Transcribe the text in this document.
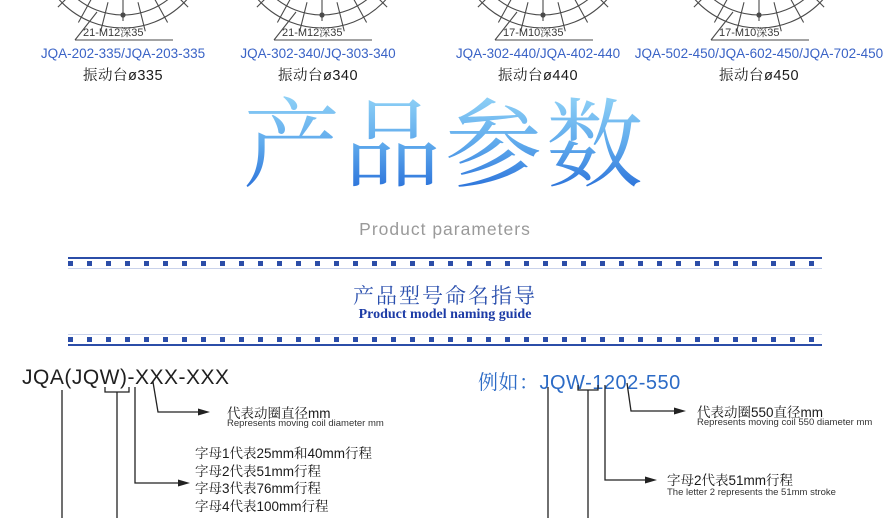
21-M12深35
JQA-202-335/JQA-203-335
振动台ø335
21-M12深35
JQA-302-340/JQ-303-340
振动台ø340
17-M10深35
JQA-302-440/JQA-402-440
振动台ø440
17-M10深35
JQA-502-450/JQA-602-450/JQA-702-450
振动台ø450
产品参数
Product parameters
产品型号命名指导
Product model naming guide
JQA(JQW)-XXX-XXX	例如：JQW-1202-550
代表动圈直径mm
Represents moving coil diameter mm
字母1代表25mm和40mm行程
字母2代表51mm行程
字母3代表76mm行程
字母4代表100mm行程
代表动圈550直径mm
Represents moving coil 550 diameter mm
字母2代表51mm行程
The letter 2 represents the 51mm stroke
